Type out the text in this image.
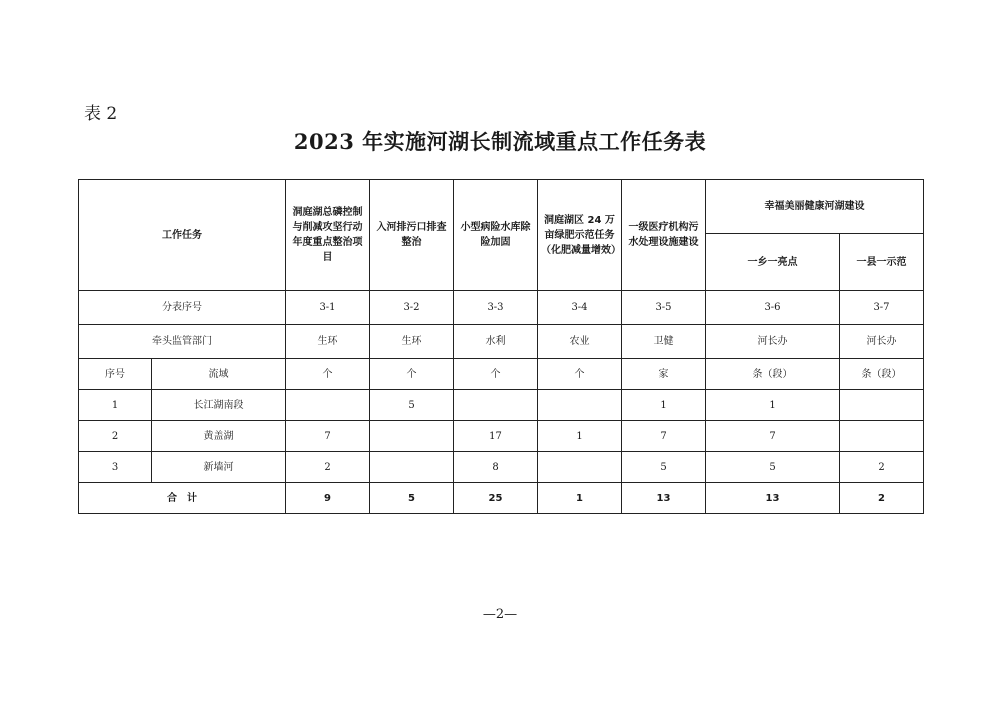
表 2
2023 年实施河湖长制流域重点工作任务表
工作任务		洞庭湖总磷控制与削减攻坚行动年度重点整治项目	入河排污口排查整治	小型病险水库除险加固	洞庭湖区 24 万亩绿肥示范任务（化肥减量增效）	一级医疗机构污水处理设施建设	幸福美丽健康河湖建设	
							一乡一亮点	一县一示范
分表序号		3-1	3-2	3-3	3-4	3-5	3-6	3-7
牵头监管部门		生环	生环	水利	农业	卫健	河长办	河长办
序号	流域	个	个	个	个	家	条（段）	条（段）
1	长江湖南段		5			1	1	
2	黄盖湖	7		17	1	7	7	
3	新墙河	2		8		5	5	2
合　计		9	5	25	1	13	13	2
—2—
